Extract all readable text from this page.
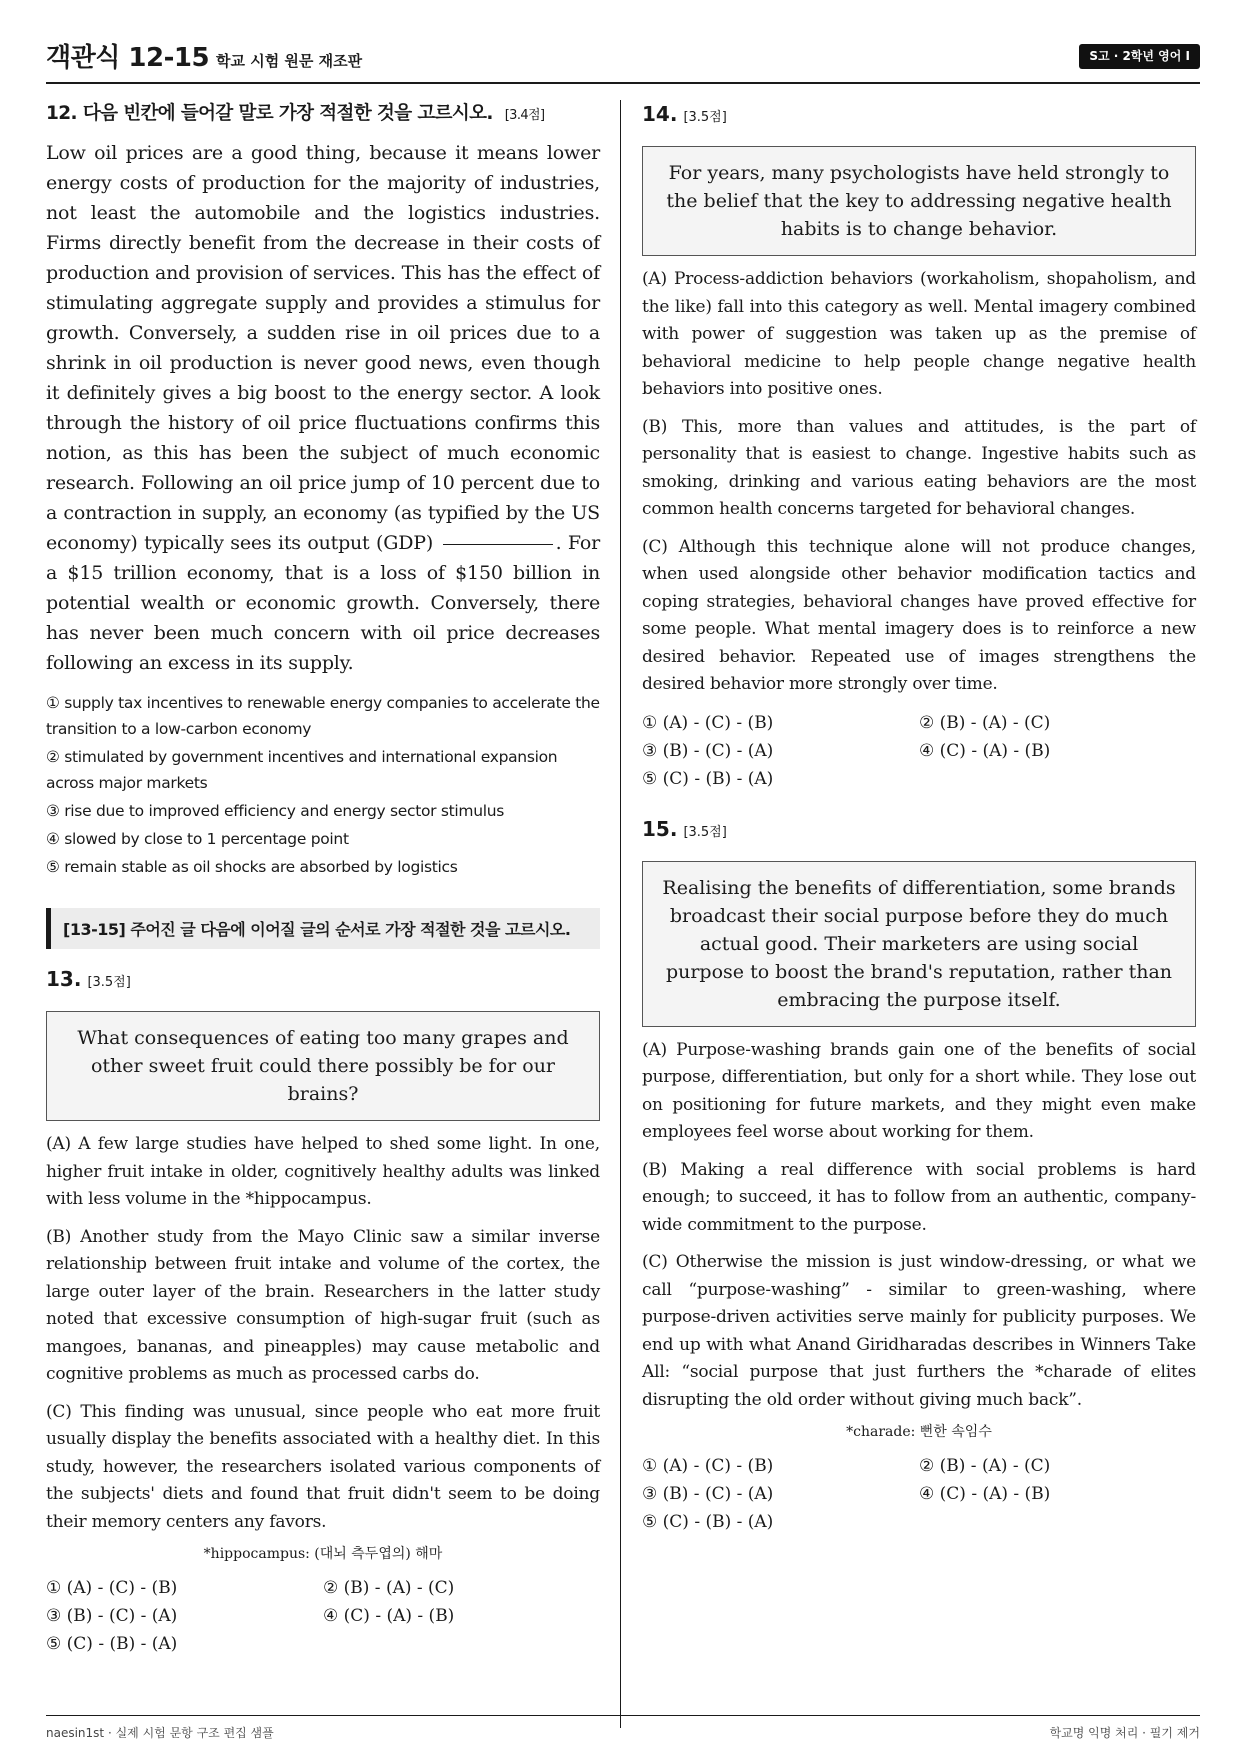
객관식 12-15 학교 시험 원문 재조판	S고 · 2학년 영어 I
12. 다음 빈칸에 들어갈 말로 가장 적절한 것을 고르시오. [3.4점]
Low oil prices are a good thing, because it means lower energy costs of production for the majority of industries, not least the automobile and the logistics industries. Firms directly benefit from the decrease in their costs of production and provision of services. This has the effect of stimulating aggregate supply and provides a stimulus for growth. Conversely, a sudden rise in oil prices due to a shrink in oil production is never good news, even though it definitely gives a big boost to the energy sector. A look through the history of oil price fluctuations confirms this notion, as this has been the subject of much economic research. Following an oil price jump of 10 percent due to a contraction in supply, an economy (as typified by the US economy) typically sees its output (GDP)	. For a $15 trillion economy, that is a loss of $150 billion in potential wealth or economic growth. Conversely, there has never been much concern with oil price decreases following an excess in its supply.
① supply tax incentives to renewable energy companies to accelerate the transition to a low-carbon economy
② stimulated by government incentives and international expansion across major markets
③ rise due to improved efficiency and energy sector stimulus
④ slowed by close to 1 percentage point
⑤ remain stable as oil shocks are absorbed by logistics
[13-15] 주어진 글 다음에 이어질 글의 순서로 가장 적절한 것을 고르시오.
13. [3.5점]
What consequences of eating too many grapes and other sweet fruit could there possibly be for our brains?
(A) A few large studies have helped to shed some light. In one, higher fruit intake in older, cognitively healthy adults was linked with less volume in the *hippocampus.
(B) Another study from the Mayo Clinic saw a similar inverse relationship between fruit intake and volume of the cortex, the large outer layer of the brain. Researchers in the latter study noted that excessive consumption of high-sugar fruit (such as mangoes, bananas, and pineapples) may cause metabolic and cognitive problems as much as processed carbs do.
(C) This finding was unusual, since people who eat more fruit usually display the benefits associated with a healthy diet. In this study, however, the researchers isolated various components of the subjects' diets and found that fruit didn't seem to be doing their memory centers any favors.
*hippocampus: (대뇌 측두엽의) 해마
① (A) - (C) - (B)	② (B) - (A) - (C)
③ (B) - (C) - (A)	④ (C) - (A) - (B)
⑤ (C) - (B) - (A)
14. [3.5점]
For years, many psychologists have held strongly to the belief that the key to addressing negative health habits is to change behavior.
(A) Process-addiction behaviors (workaholism, shopaholism, and the like) fall into this category as well. Mental imagery combined with power of suggestion was taken up as the premise of behavioral medicine to help people change negative health behaviors into positive ones.
(B) This, more than values and attitudes, is the part of personality that is easiest to change. Ingestive habits such as smoking, drinking and various eating behaviors are the most common health concerns targeted for behavioral changes.
(C) Although this technique alone will not produce changes, when used alongside other behavior modification tactics and coping strategies, behavioral changes have proved effective for some people. What mental imagery does is to reinforce a new desired behavior. Repeated use of images strengthens the desired behavior more strongly over time.
① (A) - (C) - (B)	② (B) - (A) - (C)
③ (B) - (C) - (A)	④ (C) - (A) - (B)
⑤ (C) - (B) - (A)
15. [3.5점]
Realising the benefits of differentiation, some brands broadcast their social purpose before they do much actual good. Their marketers are using social purpose to boost the brand's reputation, rather than embracing the purpose itself.
(A) Purpose-washing brands gain one of the benefits of social purpose, differentiation, but only for a short while. They lose out on positioning for future markets, and they might even make employees feel worse about working for them.
(B) Making a real difference with social problems is hard enough; to succeed, it has to follow from an authentic, company-wide commitment to the purpose.
(C) Otherwise the mission is just window-dressing, or what we call “purpose-washing” - similar to green-washing, where purpose-driven activities serve mainly for publicity purposes. We end up with what Anand Giridharadas describes in Winners Take All: “social purpose that just furthers the *charade of elites disrupting the old order without giving much back”.
*charade: 뻔한 속임수
① (A) - (C) - (B)	② (B) - (A) - (C)
③ (B) - (C) - (A)	④ (C) - (A) - (B)
⑤ (C) - (B) - (A)
naesin1st · 실제 시험 문항 구조 편집 샘플	학교명 익명 처리 · 필기 제거
